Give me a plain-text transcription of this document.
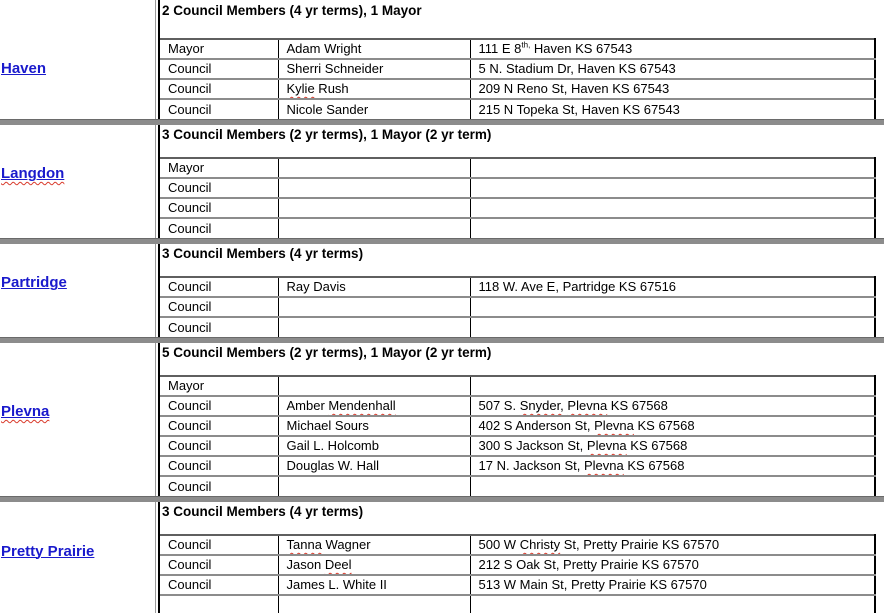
Haven
2 Council Members (4 yr terms), 1 Mayor
Mayor	Adam Wright	111 E $8^{th,}$ Haven KS 67543
Council	Sherri Schneider	5 N. Stadium Dr, Haven KS 67543
Council	Kylie Rush	209 N Reno St, Haven KS 67543
Council	Nicole Sander	215 N Topeka St, Haven KS 67543
Langdon
3 Council Members (2 yr terms), 1 Mayor (2 yr term)
Mayor		
Council		
Council		
Council		
Partridge
3 Council Members (4 yr terms)
Council	Ray Davis	118 W. Ave E, Partridge KS 67516
Council		
Council		
Plevna
5 Council Members (2 yr terms), 1 Mayor (2 yr term)
Mayor		
Council	Amber Mendenhall	507 S. Snyder, Plevna KS 67568
Council	Michael Sours	402 S Anderson St, Plevna KS 67568
Council	Gail L. Holcomb	300 S Jackson St, Plevna KS 67568
Council	Douglas W. Hall	17 N. Jackson St, Plevna KS 67568
Council		
Pretty Prairie
3 Council Members (4 yr terms)
Council	Tanna Wagner	500 W Christy St, Pretty Prairie KS 67570
Council	Jason Deel	212 S Oak St, Pretty Prairie KS 67570
Council	James L. White II	513 W Main St, Pretty Prairie KS 67570
